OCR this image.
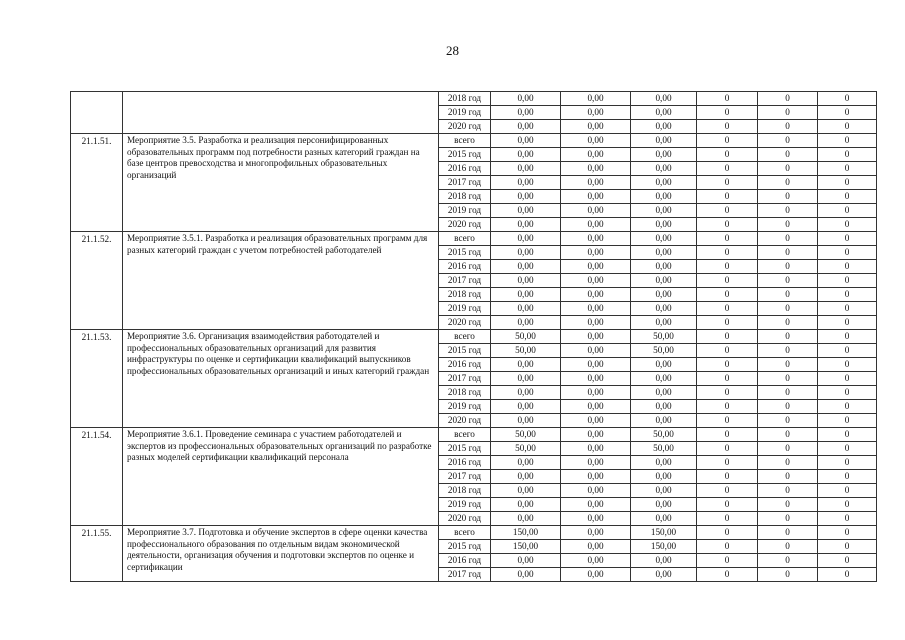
28
		2018 год	0,00	0,00	0,00	0	0	0
		2019 год	0,00	0,00	0,00	0	0	0
		2020 год	0,00	0,00	0,00	0	0	0
21.1.51.	Мероприятие 3.5. Разработка и реализация персонифицированных образовательных программ под потребности разных категорий граждан на базе центров превосходства и многопрофильных образовательных организаций	всего	0,00	0,00	0,00	0	0	0
		2015 год	0,00	0,00	0,00	0	0	0
		2016 год	0,00	0,00	0,00	0	0	0
		2017 год	0,00	0,00	0,00	0	0	0
		2018 год	0,00	0,00	0,00	0	0	0
		2019 год	0,00	0,00	0,00	0	0	0
		2020 год	0,00	0,00	0,00	0	0	0
21.1.52.	Мероприятие 3.5.1. Разработка и реализация образовательных программ для разных категорий граждан с учетом потребностей работодателей	всего	0,00	0,00	0,00	0	0	0
		2015 год	0,00	0,00	0,00	0	0	0
		2016 год	0,00	0,00	0,00	0	0	0
		2017 год	0,00	0,00	0,00	0	0	0
		2018 год	0,00	0,00	0,00	0	0	0
		2019 год	0,00	0,00	0,00	0	0	0
		2020 год	0,00	0,00	0,00	0	0	0
21.1.53.	Мероприятие 3.6. Организация взаимодействия работодателей и профессиональных образовательных организаций для развития инфраструктуры по оценке и сертификации квалификаций выпускников профессиональных образовательных организаций и иных категорий граждан	всего	50,00	0,00	50,00	0	0	0
		2015 год	50,00	0,00	50,00	0	0	0
		2016 год	0,00	0,00	0,00	0	0	0
		2017 год	0,00	0,00	0,00	0	0	0
		2018 год	0,00	0,00	0,00	0	0	0
		2019 год	0,00	0,00	0,00	0	0	0
		2020 год	0,00	0,00	0,00	0	0	0
21.1.54.	Мероприятие 3.6.1. Проведение семинара с участием работодателей и экспертов из профессиональных образовательных организаций по разработке разных моделей сертификации квалификаций персонала	всего	50,00	0,00	50,00	0	0	0
		2015 год	50,00	0,00	50,00	0	0	0
		2016 год	0,00	0,00	0,00	0	0	0
		2017 год	0,00	0,00	0,00	0	0	0
		2018 год	0,00	0,00	0,00	0	0	0
		2019 год	0,00	0,00	0,00	0	0	0
		2020 год	0,00	0,00	0,00	0	0	0
21.1.55.	Мероприятие 3.7. Подготовка и обучение экспертов в сфере оценки качества профессионального образования по отдельным видам экономической деятельности, организация обучения и подготовки экспертов по оценке и сертификации	всего	150,00	0,00	150,00	0	0	0
		2015 год	150,00	0,00	150,00	0	0	0
		2016 год	0,00	0,00	0,00	0	0	0
		2017 год	0,00	0,00	0,00	0	0	0
